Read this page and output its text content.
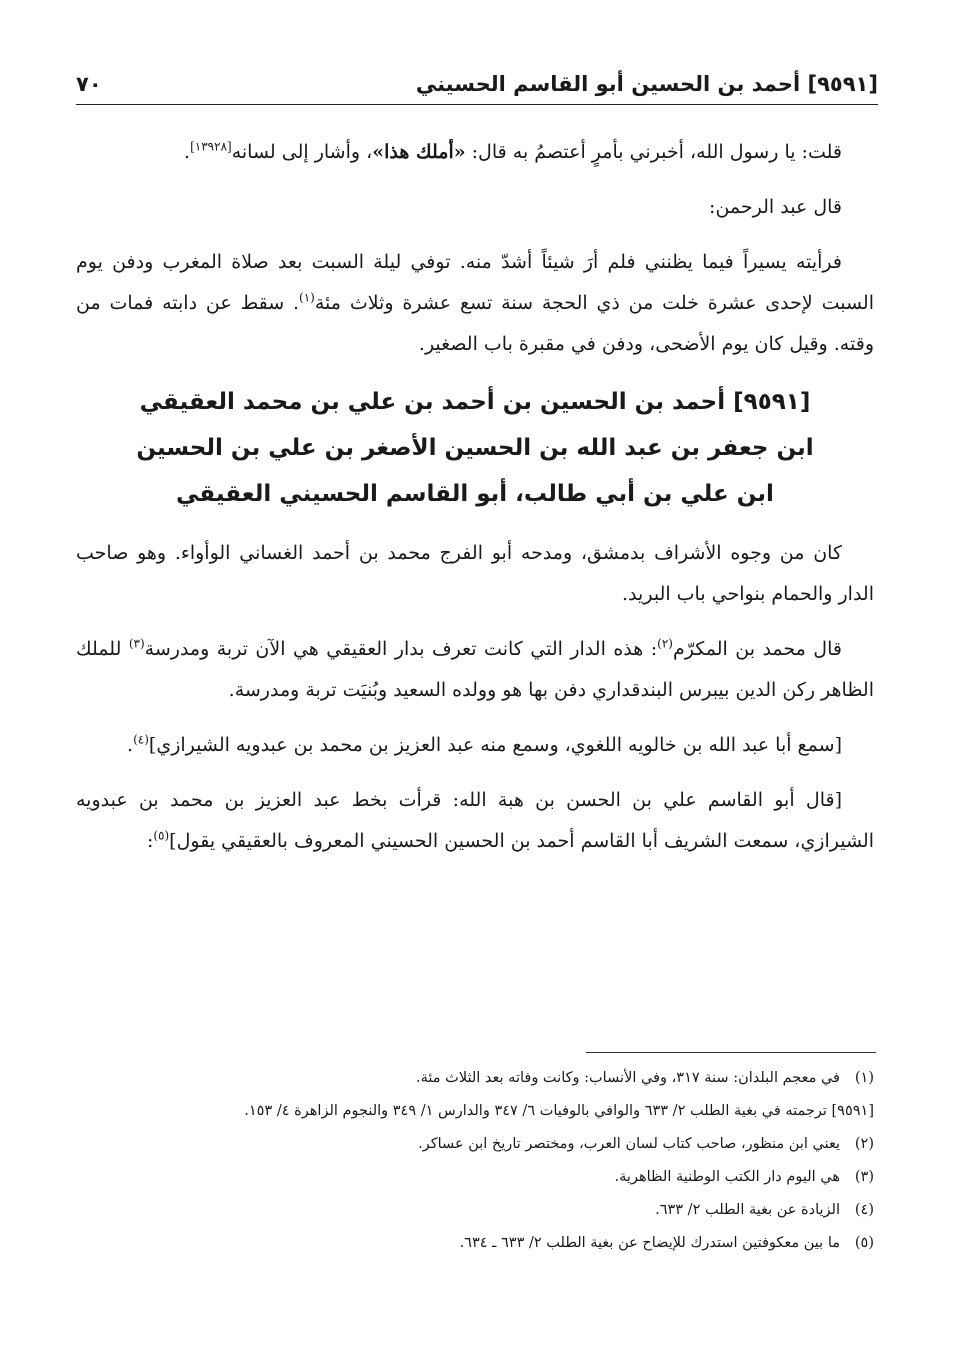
[٩٥٩١] أحمد بن الحسين أبو القاسم الحسيني
٧٠

قلت: يا رسول الله، أخبرني بأمرٍ أعتصمُ به قال: «أملك هذا»، وأشار إلى لسانه[١٣٩٢٨].

قال عبد الرحمن:

فرأيته يسيراً فيما يظنني فلم أرَ شيئاً أشدّ منه. توفي ليلة السبت بعد صلاة المغرب ودفن يوم السبت لإحدى عشرة خلت من ذي الحجة سنة تسع عشرة وثلاث مئة$^{(١)}$. سقط عن دابته فمات من وقته. وقيل كان يوم الأضحى، ودفن في مقبرة باب الصغير.

[٩٥٩١] أحمد بن الحسين بن أحمد بن علي بن محمد العقيقي
ابن جعفر بن عبد الله بن الحسين الأصغر بن علي بن الحسين
ابن علي بن أبي طالب، أبو القاسم الحسيني العقيقي

كان من وجوه الأشراف بدمشق، ومدحه أبو الفرج محمد بن أحمد الغساني الوأواء. وهو صاحب الدار والحمام بنواحي باب البريد.

قال محمد بن المكرّم$^{(٢)}$: هذه الدار التي كانت تعرف بدار العقيقي هي الآن تربة ومدرسة$^{(٣)}$ للملك الظاهر ركن الدين بيبرس البندقداري دفن بها هو وولده السعيد وبُنيَت تربة ومدرسة.

[سمع أبا عبد الله بن خالويه اللغوي، وسمع منه عبد العزيز بن محمد بن عبدويه الشيرازي]$^{(٤)}$.

[قال أبو القاسم علي بن الحسن بن هبة الله: قرأت بخط عبد العزيز بن محمد بن عبدويه الشيرازي، سمعت الشريف أبا القاسم أحمد بن الحسين الحسيني المعروف بالعقيقي يقول]$^{(٥)}$:

(١)في معجم البلدان: سنة ٣١٧، وفي الأنساب: وكانت وفاته بعد الثلاث مئة.

[٩٥٩١] ترجمته في بغية الطلب ٢/ ٦٣٣ والوافي بالوفيات ٦/ ٣٤٧ والدارس ١/ ٣٤٩ والنجوم الزاهرة ٤/ ١٥٣.

(٢)يعني ابن منظور، صاحب كتاب لسان العرب، ومختصر تاريخ ابن عساكر.

(٣)هي اليوم دار الكتب الوطنية الظاهرية.

(٤)الزيادة عن بغية الطلب ٢/ ٦٣٣.

(٥)ما بين معكوفتين استدرك للإيضاح عن بغية الطلب ٢/ ٦٣٣ ـ ٦٣٤.
